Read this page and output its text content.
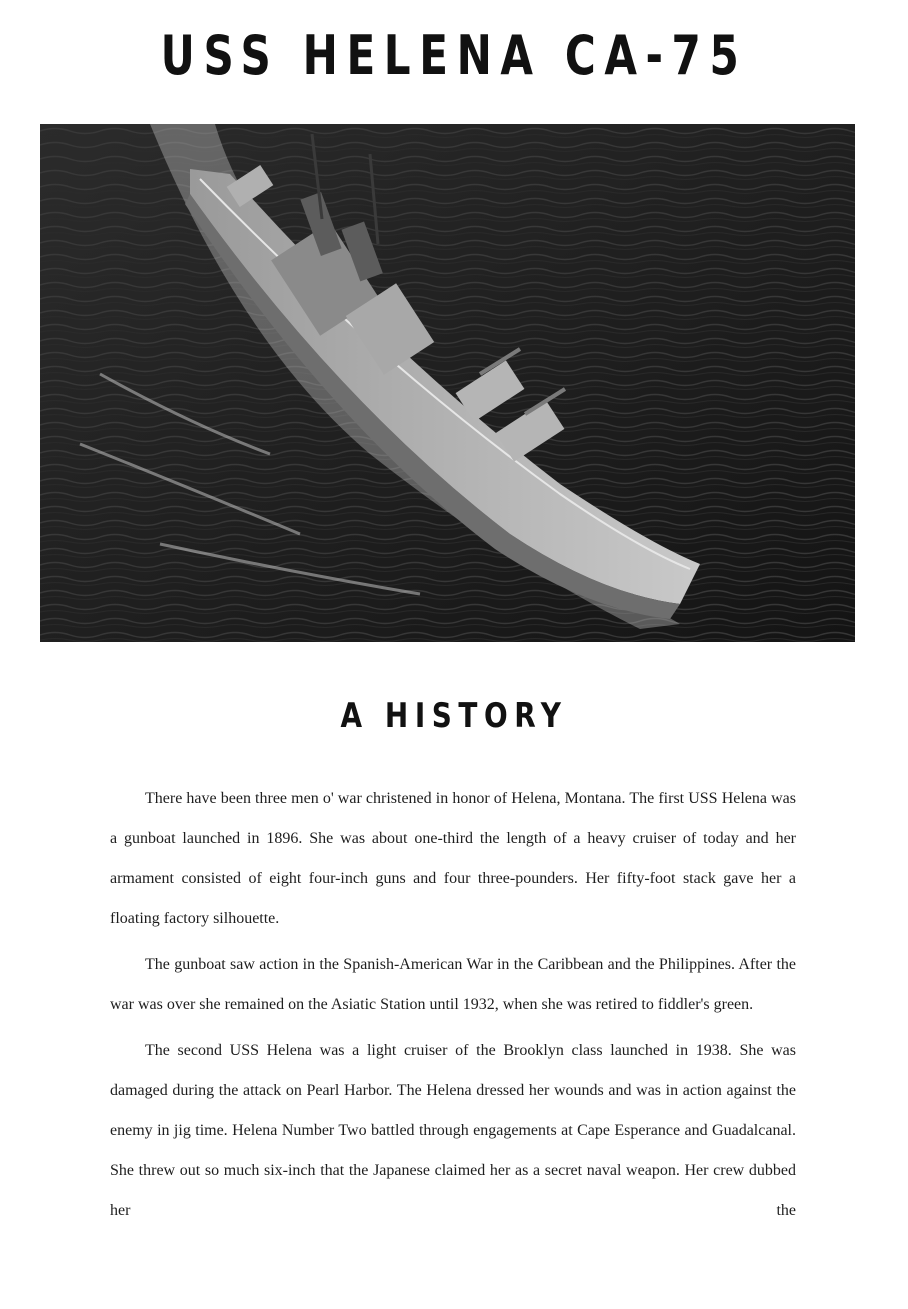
USS HELENA CA-75
A HISTORY

There have been three men o' war christened in honor of Helena, Montana. The first USS Helena was a gunboat launched in 1896. She was about one-third the length of a heavy cruiser of today and her armament consisted of eight four-inch guns and four three-pounders. Her fifty-foot stack gave her a floating factory silhouette.

The gunboat saw action in the Spanish-American War in the Caribbean and the Philippines. After the war was over she remained on the Asiatic Station until 1932, when she was retired to fiddler's green.

The second USS Helena was a light cruiser of the Brooklyn class launched in 1938. She was damaged during the attack on Pearl Harbor. The Helena dressed her wounds and was in action against the enemy in jig time. Helena Number Two battled through engagements at Cape Esperance and Guadalcanal. She threw out so much six-inch that the Japanese claimed her as a secret naval weapon. Her crew dubbed her the
